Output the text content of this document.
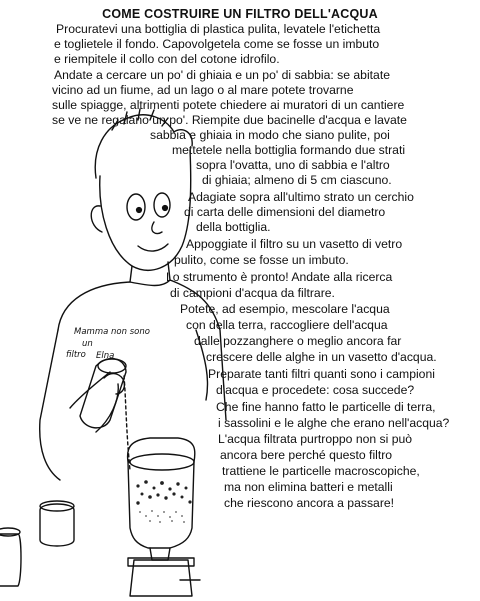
Mamma non sono
un
filtro Elna
COME COSTRUIRE UN FILTRO DELL'ACQUA
Procuratevi una bottiglia di plastica pulita, levatele l'etichetta
e toglietele il fondo. Capovolgetela come se fosse un imbuto
e riempitele il collo con del cotone idrofilo.
Andate a cercare un po' di ghiaia e un po' di sabbia: se abitate
vicino ad un fiume, ad un lago o al mare potete trovarne
sulle spiagge, altrimenti potete chiedere ai muratori di un cantiere
se ve ne regalano un po'. Riempite due bacinelle d'acqua e lavate
sabbia e ghiaia in modo che siano pulite, poi
mettetele nella bottiglia formando due strati
sopra l'ovatta, uno di sabbia e l'altro
di ghiaia; almeno di 5 cm ciascuno.
Adagiate sopra all'ultimo strato un cerchio
di carta delle dimensioni del diametro
della bottiglia.
Appoggiate il filtro su un vasetto di vetro
pulito, come se fosse un imbuto.
Lo strumento è pronto! Andate alla ricerca
di campioni d'acqua da filtrare.
Potete, ad esempio, mescolare l'acqua
con della terra, raccogliere dell'acqua
dalle pozzanghere o meglio ancora far
crescere delle alghe in un vasetto d'acqua.
Preparate tanti filtri quanti sono i campioni
d'acqua e procedete: cosa succede?
Che fine hanno fatto le particelle di terra,
i sassolini e le alghe che erano nell'acqua?
L'acqua filtrata purtroppo non si può
ancora bere perché questo filtro
trattiene le particelle macroscopiche,
ma non elimina batteri e metalli
che riescono ancora a passare!
